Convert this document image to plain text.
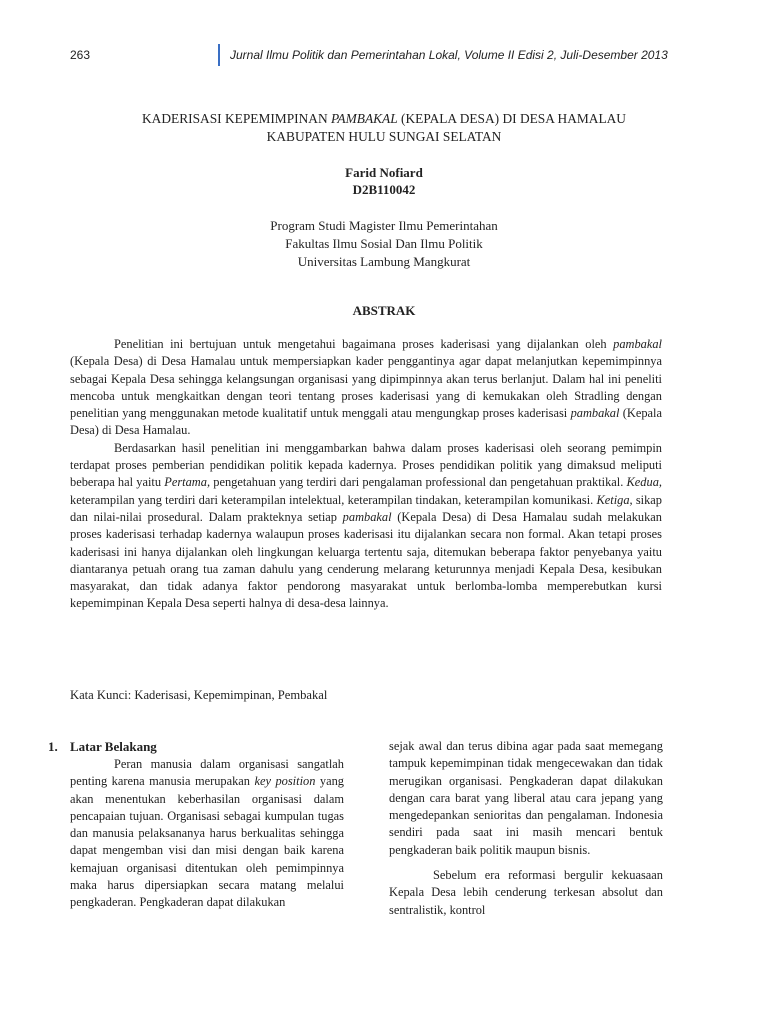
263	Jurnal Ilmu Politik dan Pemerintahan Lokal, Volume II Edisi 2, Juli-Desember 2013
KADERISASI KEPEMIMPINAN PAMBAKAL (KEPALA DESA) DI DESA HAMALAU
KABUPATEN HULU SUNGAI SELATAN
Farid Nofiard
D2B110042
Program Studi Magister Ilmu Pemerintahan
Fakultas Ilmu Sosial Dan Ilmu Politik
Universitas Lambung Mangkurat
ABSTRAK

Penelitian ini bertujuan untuk mengetahui bagaimana proses kaderisasi yang dijalankan oleh pambakal (Kepala Desa) di Desa Hamalau untuk mempersiapkan kader penggantinya agar dapat melanjutkan kepemimpinnya sebagai Kepala Desa sehingga kelangsungan organisasi yang dipimpinnya akan terus berlanjut. Dalam hal ini peneliti mencoba untuk mengkaitkan dengan teori tentang proses kaderisasi yang di kemukakan oleh Stradling dengan penelitian yang menggunakan metode kualitatif untuk menggali atau mengungkap proses kaderisasi pambakal (Kepala Desa) di Desa Hamalau.

Berdasarkan hasil penelitian ini menggambarkan bahwa dalam proses kaderisasi oleh seorang pemimpin terdapat proses pemberian pendidikan politik kepada kadernya. Proses pendidikan politik yang dimaksud meliputi beberapa hal yaitu Pertama, pengetahuan yang terdiri dari pengalaman professional dan pengetahuan praktikal. Kedua, keterampilan yang terdiri dari keterampilan intelektual, keterampilan tindakan, keterampilan komunikasi. Ketiga, sikap dan nilai-nilai prosedural. Dalam prakteknya setiap pambakal (Kepala Desa) di Desa Hamalau sudah melakukan proses kaderisasi terhadap kadernya walaupun proses kaderisasi itu dijalankan secara non formal. Akan tetapi proses kaderisasi ini hanya dijalankan oleh lingkungan keluarga tertentu saja, ditemukan beberapa faktor penyebanya yaitu diantaranya petuah orang tua zaman dahulu yang cenderung melarang keturunnya menjadi Kepala Desa, kesibukan masyarakat, dan tidak adanya faktor pendorong masyarakat untuk berlomba-lomba memperebutkan kursi kepemimpinan Kepala Desa seperti halnya di desa-desa lainnya.

Kata Kunci: Kaderisasi, Kepemimpinan, Pembakal
1. Latar Belakang

Peran manusia dalam organisasi sangatlah penting karena manusia merupakan key position yang akan menentukan keberhasilan organisasi dalam pencapaian tujuan. Organisasi sebagai kumpulan tugas dan manusia pelaksananya harus berkualitas sehingga dapat mengemban visi dan misi dengan baik karena kemajuan organisasi ditentukan oleh pemimpinnya maka harus dipersiapkan secara matang melalui pengkaderan. Pengkaderan dapat dilakukan

sejak awal dan terus dibina agar pada saat memegang tampuk kepemimpinan tidak mengecewakan dan tidak merugikan organisasi. Pengkaderan dapat dilakukan dengan cara barat yang liberal atau cara jepang yang mengedepankan senioritas dan pengalaman. Indonesia sendiri pada saat ini masih mencari bentuk pengkaderan baik politik maupun bisnis.

Sebelum era reformasi bergulir kekuasaan Kepala Desa lebih cenderung terkesan absolut dan sentralistik, kontrol
